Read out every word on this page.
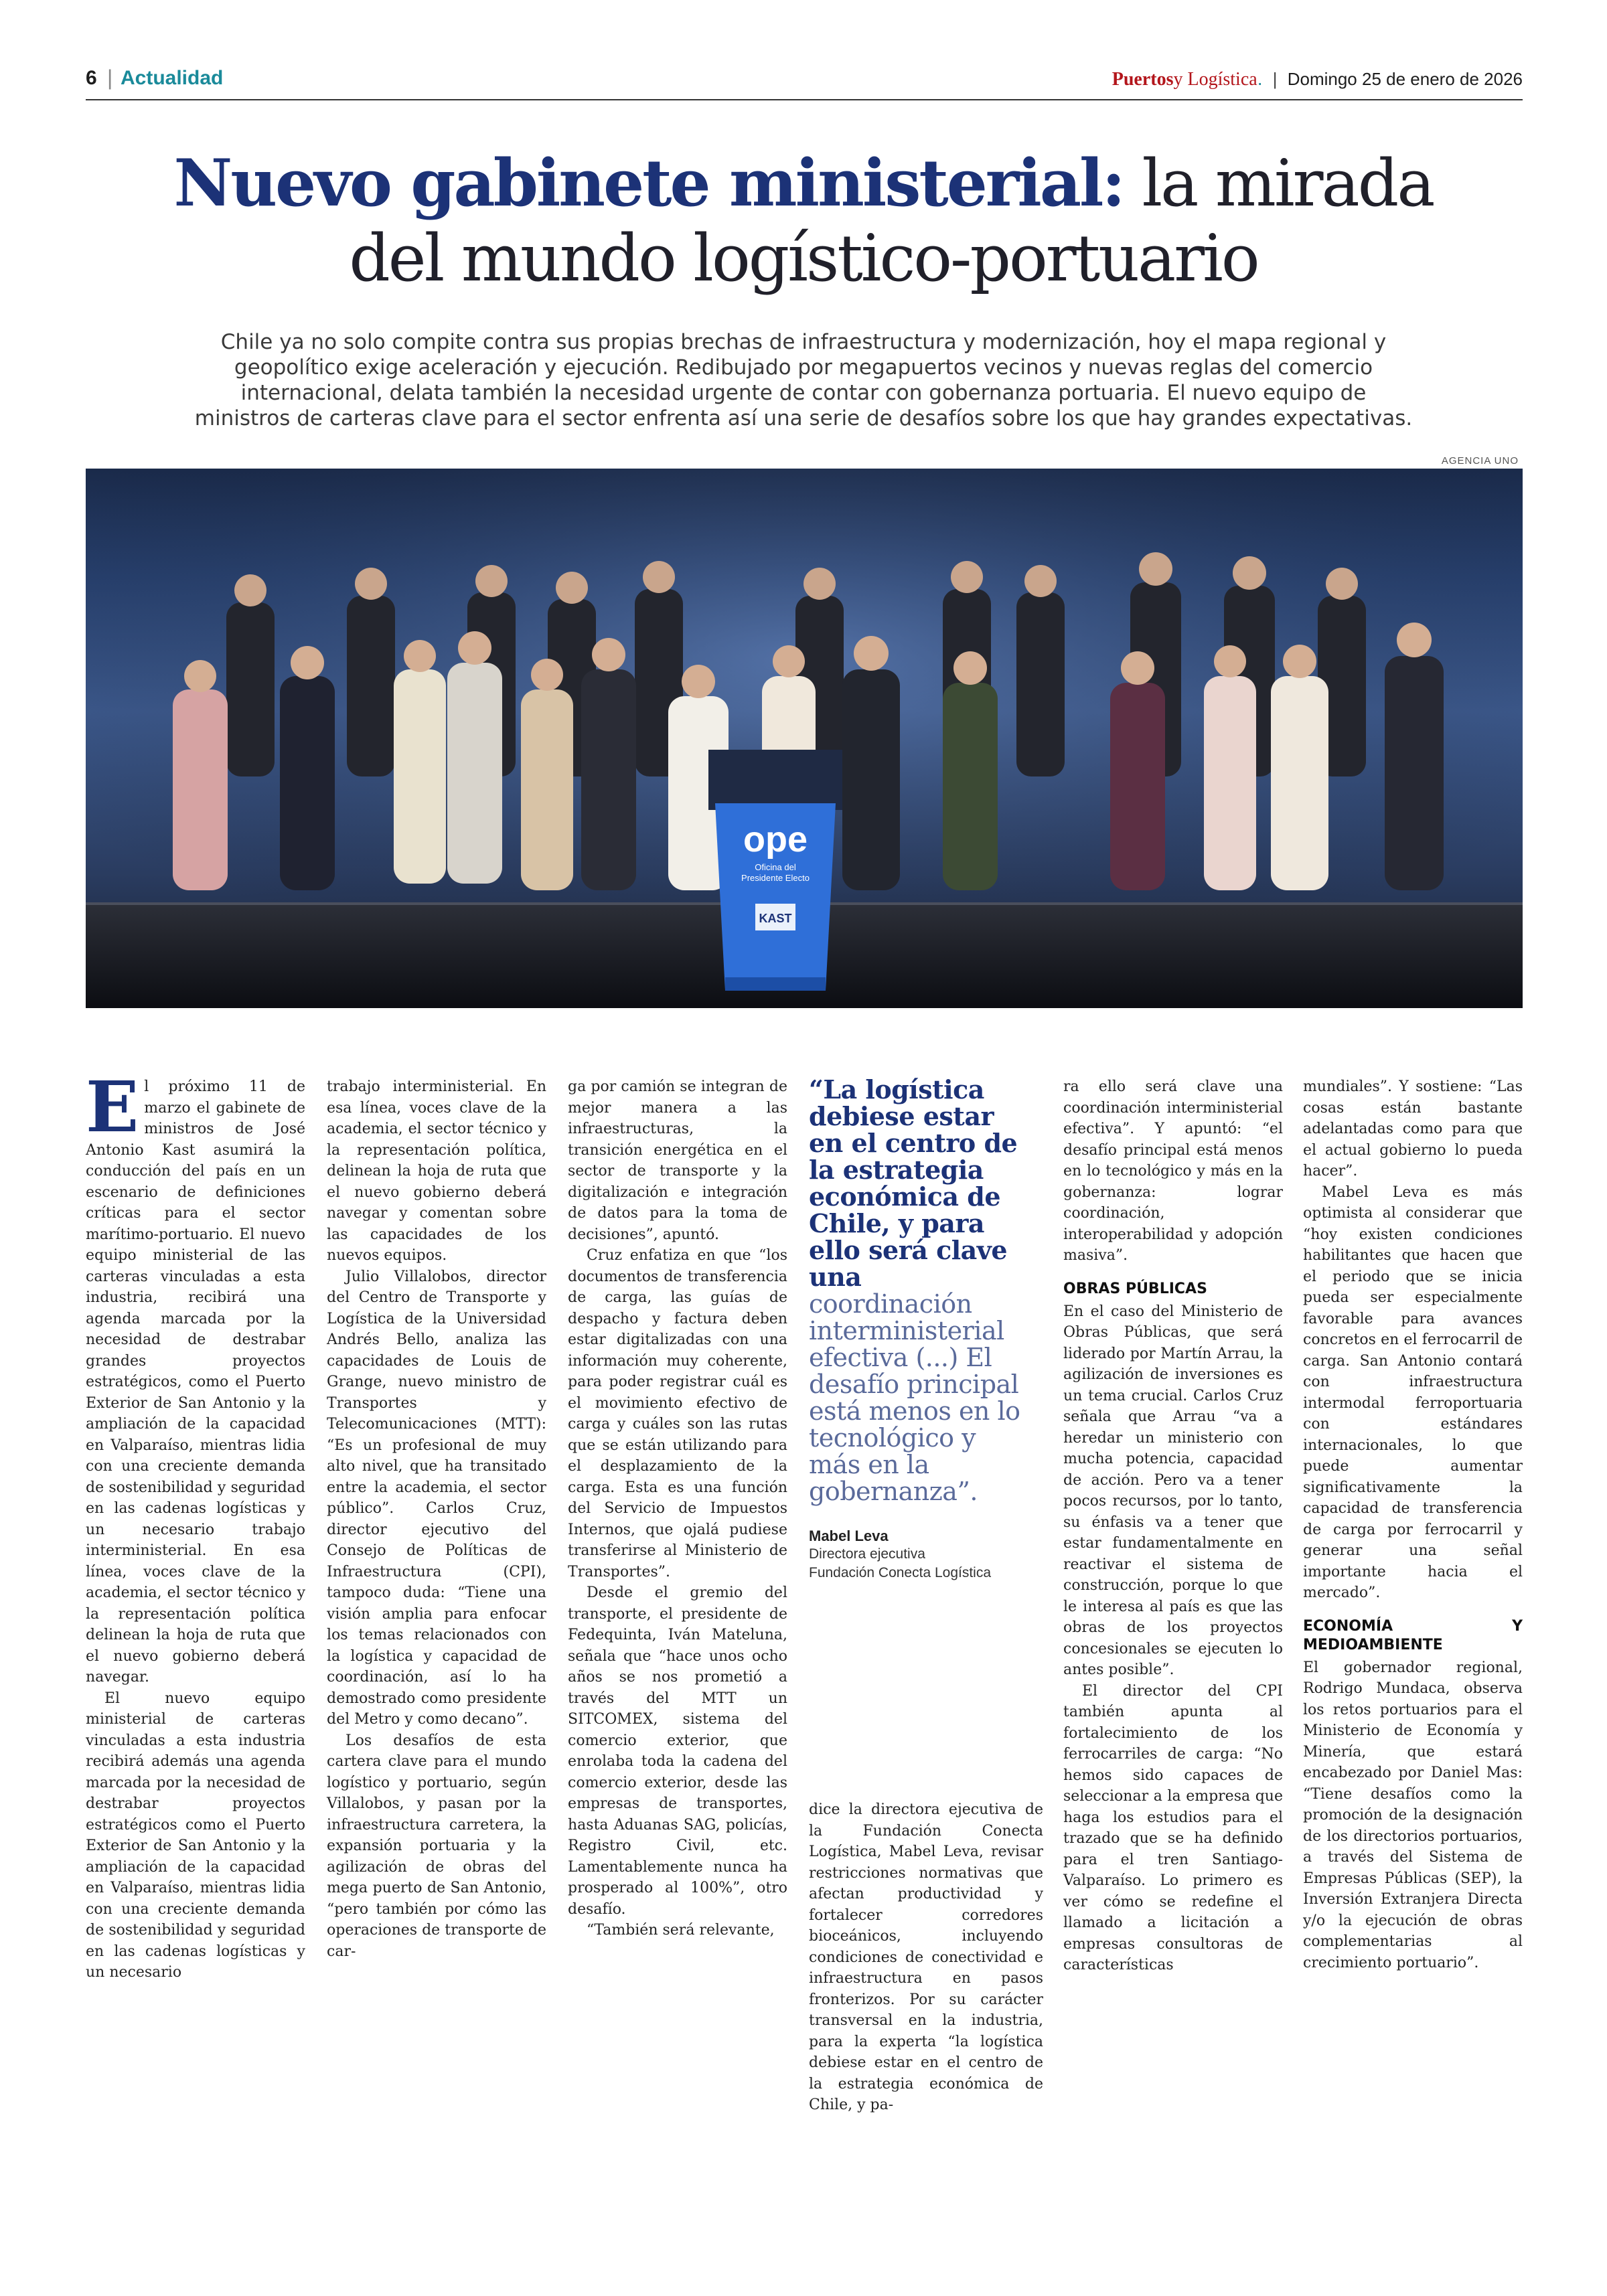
6 | Actualidad	Puertosy Logística. | Domingo 25 de enero de 2026
Nuevo gabinete ministerial: la mirada
del mundo logístico-portuario
Chile ya no solo compite contra sus propias brechas de infraestructura y modernización, hoy el mapa regional y geopolítico exige aceleración y ejecución. Redibujado por megapuertos vecinos y nuevas reglas del comercio internacional, delata también la necesidad urgente de contar con gobernanza portuaria. El nuevo equipo de ministros de carteras clave para el sector enfrenta así una serie de desafíos sobre los que hay grandes expectativas.
AGENCIA UNO
ope
Oficina del
Presidente Electo
KAST

El próximo 11 de marzo el gabinete de ministros de José Antonio Kast asumirá la conducción del país en un escenario de definiciones críticas para el sector marítimo-portuario. El nuevo equipo ministerial de las carteras vinculadas a esta industria, recibirá una agenda marcada por la necesidad de destrabar grandes proyectos estratégicos, como el Puerto Exterior de San Antonio y la ampliación de la capacidad en Valparaíso, mientras lidia con una creciente demanda de sostenibilidad y seguridad en las cadenas logísticas y un necesario trabajo interministerial. En esa línea, voces clave de la academia, el sector técnico y la representación política delinean la hoja de ruta que el nuevo gobierno deberá navegar.

El nuevo equipo ministerial de carteras vinculadas a esta industria recibirá además una agenda marcada por la necesidad de destrabar proyectos estratégicos como el Puerto Exterior de San Antonio y la ampliación de la capacidad en Valparaíso, mientras lidia con una creciente demanda de sostenibilidad y seguridad en las cadenas logísticas y un necesario

trabajo interministerial. En esa línea, voces clave de la academia, el sector técnico y la representación política, delinean la hoja de ruta que el nuevo gobierno deberá navegar y comentan sobre las capacidades de los nuevos equipos.

Julio Villalobos, director del Centro de Transporte y Logística de la Universidad Andrés Bello, analiza las capacidades de Louis de Grange, nuevo ministro de Transportes y Telecomunicaciones (MTT): “Es un profesional de muy alto nivel, que ha transitado entre la academia, el sector público”. Carlos Cruz, director ejecutivo del Consejo de Políticas de Infraestructura (CPI), tampoco duda: “Tiene una visión amplia para enfocar los temas relacionados con la logística y capacidad de coordinación, así lo ha demostrado como presidente del Metro y como decano”.

Los desafíos de esta cartera clave para el mundo logístico y portuario, según Villalobos, y pasan por la infraestructura carretera, la expansión portuaria y la agilización de obras del mega puerto de San Antonio, “pero también por cómo las operaciones de transporte de car-

ga por camión se integran de mejor manera a las infraestructuras, la transición energética en el sector de transporte y la digitalización e integración de datos para la toma de decisiones”, apuntó.

Cruz enfatiza en que “los documentos de transferencia de carga, las guías de despacho y factura deben estar digitalizadas con una información muy coherente, para poder registrar cuál es el movimiento efectivo de carga y cuáles son las rutas que se están utilizando para el desplazamiento de la carga. Esta es una función del Servicio de Impuestos Internos, que ojalá pudiese transferirse al Ministerio de Transportes”.

Desde el gremio del transporte, el presidente de Fedequinta, Iván Mateluna, señala que “hace unos ocho años se nos prometió a través del MTT un SITCOMEX, sistema del comercio exterior, que enrolaba toda la cadena del comercio exterior, desde las empresas de transportes, hasta Aduanas SAG, policías, Registro Civil, etc. Lamentablemente nunca ha prosperado al 100%”, otro desafío.

“También será relevante,

“La logística debiese estar en el centro de la estrategia económica de Chile, y para ello será clave una coordinación interministerial efectiva (...) El desafío principal está menos en lo tecnológico y más en la gobernanza”.
Mabel Leva
Directora ejecutiva
Fundación Conecta Logística

dice la directora ejecutiva de la Fundación Conecta Logística, Mabel Leva, revisar restricciones normativas que afectan productividad y fortalecer corredores bioceánicos, incluyendo condiciones de conectividad e infraestructura en pasos fronterizos. Por su carácter transversal en la industria, para la experta “la logística debiese estar en el centro de la estrategia económica de Chile, y pa-

ra ello será clave una coordinación interministerial efectiva”. Y apuntó: “el desafío principal está menos en lo tecnológico y más en la gobernanza: lograr coordinación, interoperabilidad y adopción masiva”.

OBRAS PÚBLICAS

En el caso del Ministerio de Obras Públicas, que será liderado por Martín Arrau, la agilización de inversiones es un tema crucial. Carlos Cruz señala que Arrau “va a heredar un ministerio con mucha potencia, capacidad de acción. Pero va a tener pocos recursos, por lo tanto, su énfasis va a tener que estar fundamentalmente en reactivar el sistema de construcción, porque lo que le interesa al país es que las obras de los proyectos concesionales se ejecuten lo antes posible”.

El director del CPI también apunta al fortalecimiento de los ferrocarriles de carga: “No hemos sido capaces de seleccionar a la empresa que haga los estudios para el trazado que se ha definido para el tren Santiago-Valparaíso. Lo primero es ver cómo se redefine el llamado a licitación a empresas consultoras de características

mundiales”. Y sostiene: “Las cosas están bastante adelantadas como para que el actual gobierno lo pueda hacer”.

Mabel Leva es más optimista al considerar que “hoy existen condiciones habilitantes que hacen que el periodo que se inicia pueda ser especialmente favorable para avances concretos en el ferrocarril de carga. San Antonio contará con infraestructura intermodal ferroportuaria con estándares internacionales, lo que puede aumentar significativamente la capacidad de transferencia de carga por ferrocarril y generar una señal importante hacia el mercado”.

ECONOMÍA Y MEDIOAMBIENTE

El gobernador regional, Rodrigo Mundaca, observa los retos portuarios para el Ministerio de Economía y Minería, que estará encabezado por Daniel Mas: “Tiene desafíos como la promoción de la designación de los directorios portuarios, a través del Sistema de Empresas Públicas (SEP), la Inversión Extranjera Directa y/o la ejecución de obras complementarias al crecimiento portuario”.
